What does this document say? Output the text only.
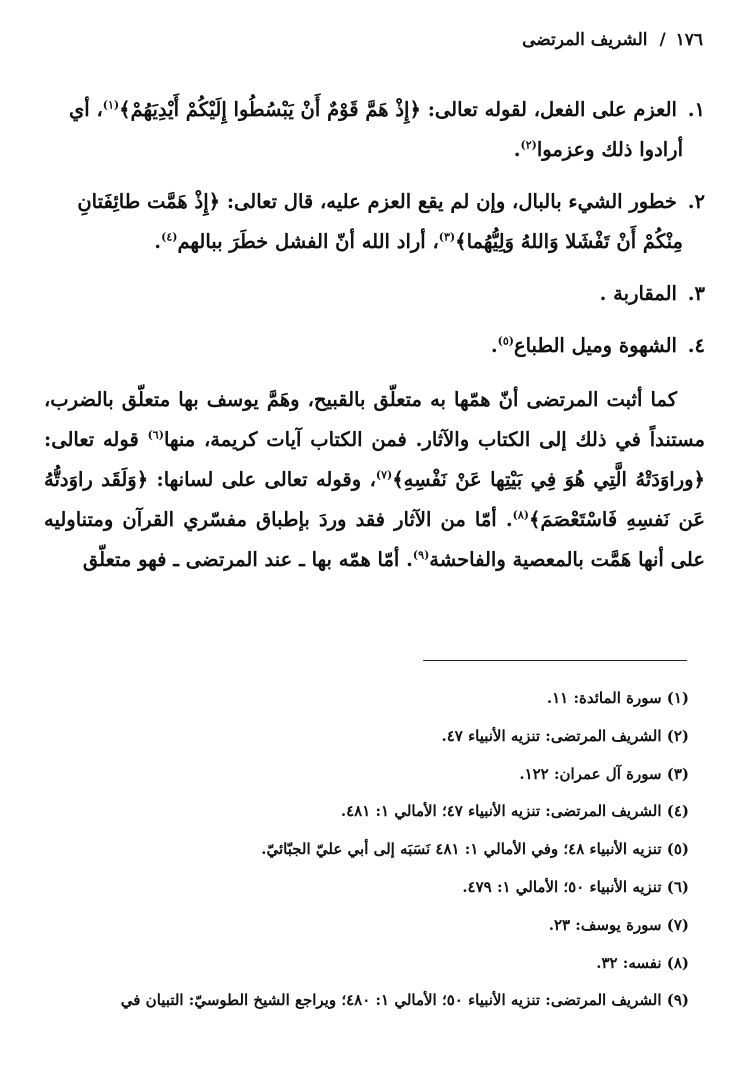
١٧٦ / الشريف المرتضى
١. العزم على الفعل، لقوله تعالى: ﴿إِذْ هَمَّ قَوْمٌ أَنْ يَبْسُطُوا إِلَيْكُمْ أَيْدِيَهُمْ﴾$^{(١)}$، أي
أرادوا ذلك وعزموا$^{(٢)}$.
٢. خطور الشيء بالبال، وإن لم يقع العزم عليه، قال تعالى: ﴿إِذْ هَمَّت طائِفَتانِ
مِنْكُمْ أَنْ تَفْشَلا وَاللهُ وَلِيُّهُما﴾$^{(٣)}$، أراد الله أنّ الفشل خطَرَ ببالهم$^{(٤)}$.
٣. المقاربة .
٤. الشهوة وميل الطباع$^{(٥)}$.

كما أثبت المرتضى أنّ همّها به متعلّق بالقبيح، وهَمَّ يوسف بها متعلّق بالضرب، مستنداً في ذلك إلى الكتاب والآثار. فمن الكتاب آيات كريمة، منها$^{(٦)}$ قوله تعالى: ﴿وراوَدَتْهُ الَّتِي هُوَ فِي بَيْتِها عَنْ نَفْسِهِ﴾$^{(٧)}$، وقوله تعالى على لسانها: ﴿وَلَقَد راوَدتُّهُ عَن نَفسِهِ فَاسْتَعْصَمَ﴾$^{(٨)}$. أمّا من الآثار فقد وردَ بإطباق مفسّري القرآن ومتناوليه على أنها هَمَّت بالمعصية والفاحشة$^{(٩)}$. أمّا همّه بها ـ عند المرتضى ـ فهو متعلّق

(١) سورة المائدة: ١١.
(٢) الشريف المرتضى: تنزيه الأنبياء ٤٧.
(٣) سورة آل عمران: ١٢٢.
(٤) الشريف المرتضى: تنزيه الأنبياء ٤٧؛ الأمالي ١: ٤٨١.
(٥) تنزيه الأنبياء ٤٨؛ وفي الأمالي ١: ٤٨١ نَسَبَه إلى أبي عليّ الجبّائيّ.
(٦) تنزيه الأنبياء ٥٠؛ الأمالي ١: ٤٧٩.
(٧) سورة يوسف: ٢٣.
(٨) نفسه: ٣٢.
(٩) الشريف المرتضى: تنزيه الأنبياء ٥٠؛ الأمالي ١: ٤٨٠؛ ويراجع الشيخ الطوسيّ: التبيان في
